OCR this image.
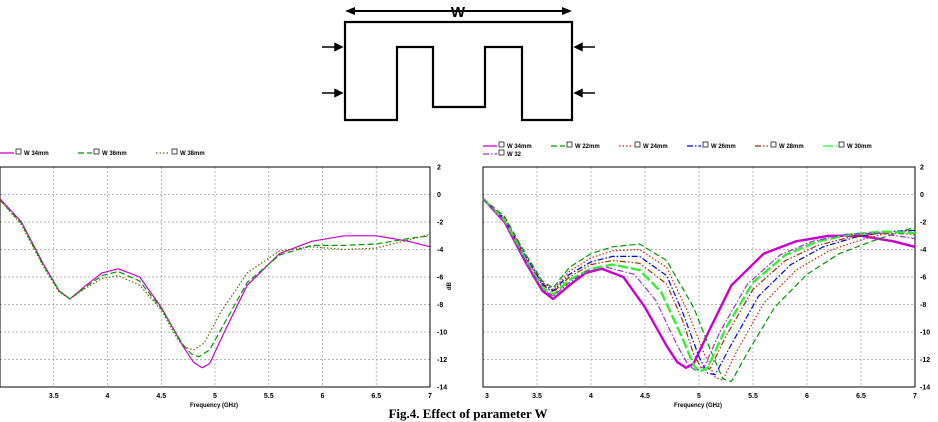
W
W 34mm	W 36mm	W 38mm
3.5	4	4.5	5	5.5	6	6.5	7
2
0
-2
-4
-6
-8
-10
-12
-14
Frequency (GHz)
W 34mm	W 22mm	W 24mm	W 26mm	W 28mm	W 30mm
W 32
3	3.5	4	4.5	5	5.5	6	6.5	7
2
0
-2
-4
-6
-8
-10
-12
-14
Frequency (GHz)
dB
Fig.4. Effect of parameter W
